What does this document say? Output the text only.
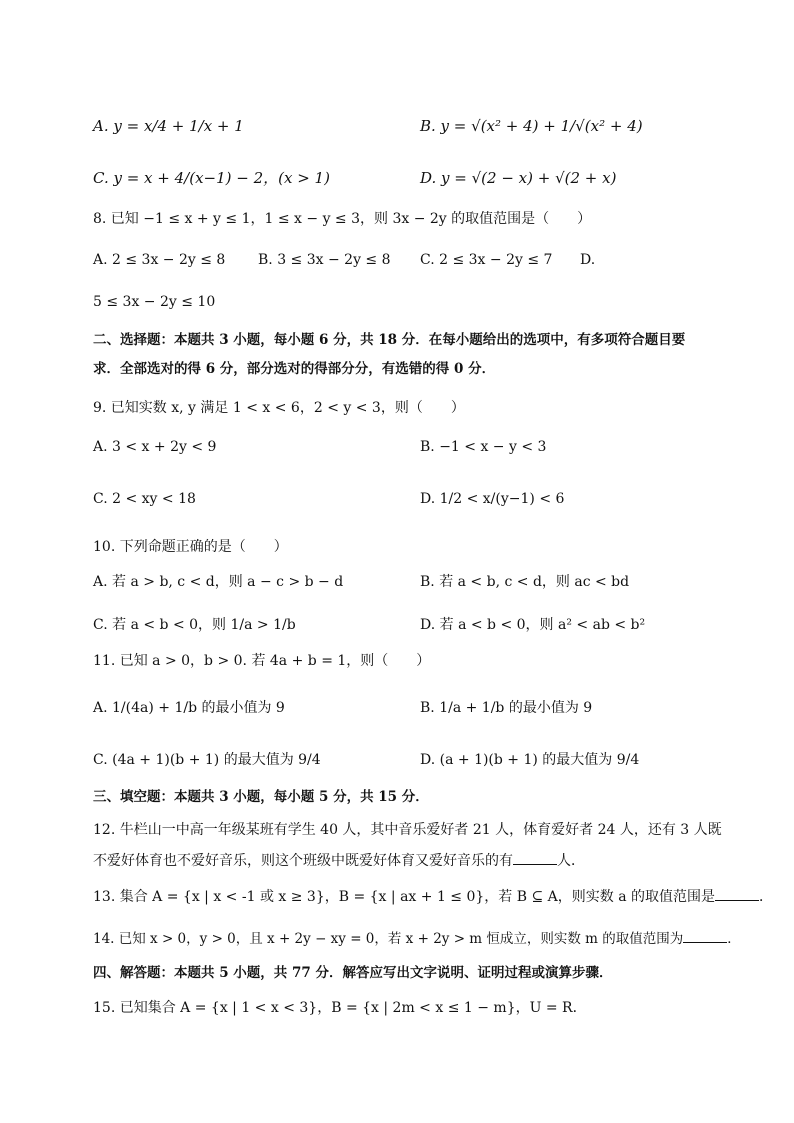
A. y = x/4 + 1/x + 1	B. y = √(x² + 4) + 1/√(x² + 4)
C. y = x + 4/(x−1) − 2，(x > 1)	D. y = √(2 − x) + √(2 + x)
8. 已知 −1 ≤ x + y ≤ 1，1 ≤ x − y ≤ 3，则 3x − 2y 的取值范围是（　　）
A. 2 ≤ 3x − 2y ≤ 8 B. 3 ≤ 3x − 2y ≤ 8 C. 2 ≤ 3x − 2y ≤ 7 D.
5 ≤ 3x − 2y ≤ 10
二、选择题：本题共 3 小题，每小题 6 分，共 18 分．在每小题给出的选项中，有多项符合题目要
求．全部选对的得 6 分，部分选对的得部分分，有选错的得 0 分．
9. 已知实数 x, y 满足 1 < x < 6，2 < y < 3，则（　　）
A. 3 < x + 2y < 9	B. −1 < x − y < 3
C. 2 < xy < 18	D. 1/2 < x/(y−1) < 6
10. 下列命题正确的是（　　）
A. 若 a > b, c < d，则 a − c > b − d	B. 若 a < b, c < d，则 ac < bd
C. 若 a < b < 0，则 1/a > 1/b	D. 若 a < b < 0，则 a² < ab < b²
11. 已知 a > 0，b > 0. 若 4a + b = 1，则（　　）
A. 1/(4a) + 1/b 的最小值为 9	B. 1/a + 1/b 的最小值为 9
C. (4a + 1)(b + 1) 的最大值为 9/4	D. (a + 1)(b + 1) 的最大值为 9/4
三、填空题：本题共 3 小题，每小题 5 分，共 15 分．
12. 牛栏山一中高一年级某班有学生 40 人，其中音乐爱好者 21 人，体育爱好者 24 人，还有 3 人既
不爱好体育也不爱好音乐，则这个班级中既爱好体育又爱好音乐的有	人．
13. 集合 A = {x | x < -1 或 x ≥ 3}，B = {x | ax + 1 ≤ 0}，若 B ⊆ A，则实数 a 的取值范围是	．
14. 已知 x > 0，y > 0，且 x + 2y − xy = 0，若 x + 2y > m 恒成立，则实数 m 的取值范围为	．
四、解答题：本题共 5 小题，共 77 分．解答应写出文字说明、证明过程或演算步骤．
15. 已知集合 A = {x | 1 < x < 3}，B = {x | 2m < x ≤ 1 − m}，U = R．
